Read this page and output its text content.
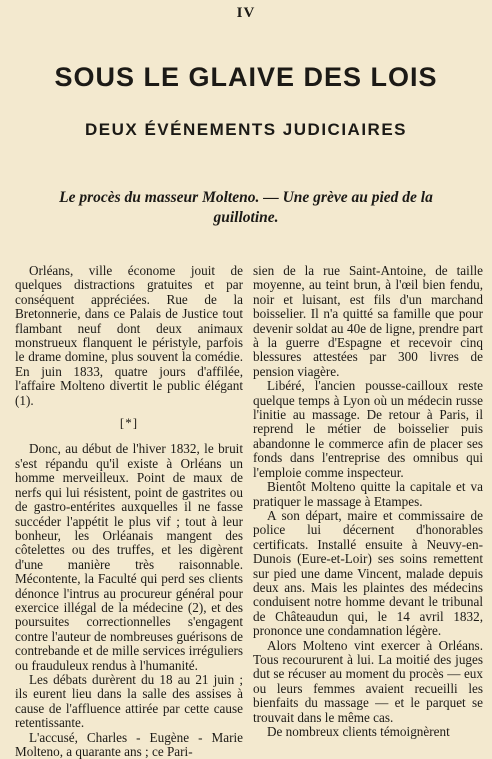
IV
SOUS LE GLAIVE DES LOIS
DEUX ÉVÉNEMENTS JUDICIAIRES
Le procès du masseur Molteno. — Une grève au pied de la guillotine.

Orléans, ville économe jouit de quelques distractions gratuites et par conséquent appréciées. Rue de la Bretonnerie, dans ce Palais de Justice tout flambant neuf dont deux animaux monstrueux flanquent le péristyle, parfois le drame domine, plus souvent la comédie. En juin 1833, quatre jours d'affilée, l'affaire Molteno divertit le public élégant (1).

[*]

Donc, au début de l'hiver 1832, le bruit s'est répandu qu'il existe à Orléans un homme merveilleux. Point de maux de nerfs qui lui résistent, point de gastrites ou de gastro-entérites auxquelles il ne fasse succéder l'appétit le plus vif ; tout à leur bonheur, les Orléanais mangent des côtelettes ou des truffes, et les digèrent d'une manière très raisonnable. Mécontente, la Faculté qui perd ses clients dénonce l'intrus au procureur général pour exercice illégal de la médecine (2), et des poursuites correctionnelles s'engagent contre l'auteur de nombreuses guérisons de contrebande et de mille services irréguliers ou frauduleux rendus à l'humanité.

Les débats durèrent du 18 au 21 juin ; ils eurent lieu dans la salle des assises à cause de l'affluence attirée par cette cause retentissante.

L'accusé, Charles - Eugène - Marie Molteno, a quarante ans ; ce Pari-

sien de la rue Saint-Antoine, de taille moyenne, au teint brun, à l'œil bien fendu, noir et luisant, est fils d'un marchand boisselier. Il n'a quitté sa famille que pour devenir soldat au 40e de ligne, prendre part à la guerre d'Espagne et recevoir cinq blessures attestées par 300 livres de pension viagère.

Libéré, l'ancien pousse-cailloux reste quelque temps à Lyon où un médecin russe l'initie au massage. De retour à Paris, il reprend le métier de boisselier puis abandonne le commerce afin de placer ses fonds dans l'entreprise des omnibus qui l'emploie comme inspecteur.

Bientôt Molteno quitte la capitale et va pratiquer le massage à Etampes.

A son départ, maire et commissaire de police lui décernent d'honorables certificats. Installé ensuite à Neuvy-en-Dunois (Eure-et-Loir) ses soins remettent sur pied une dame Vincent, malade depuis deux ans. Mais les plaintes des médecins conduisent notre homme devant le tribunal de Châteaudun qui, le 14 avril 1832, prononce une condamnation légère.

Alors Molteno vint exercer à Orléans. Tous recoururent à lui. La moitié des juges dut se récuser au moment du procès — eux ou leurs femmes avaient recueilli les bienfaits du massage — et le parquet se trouvait dans le même cas.

De nombreux clients témoignèrent
